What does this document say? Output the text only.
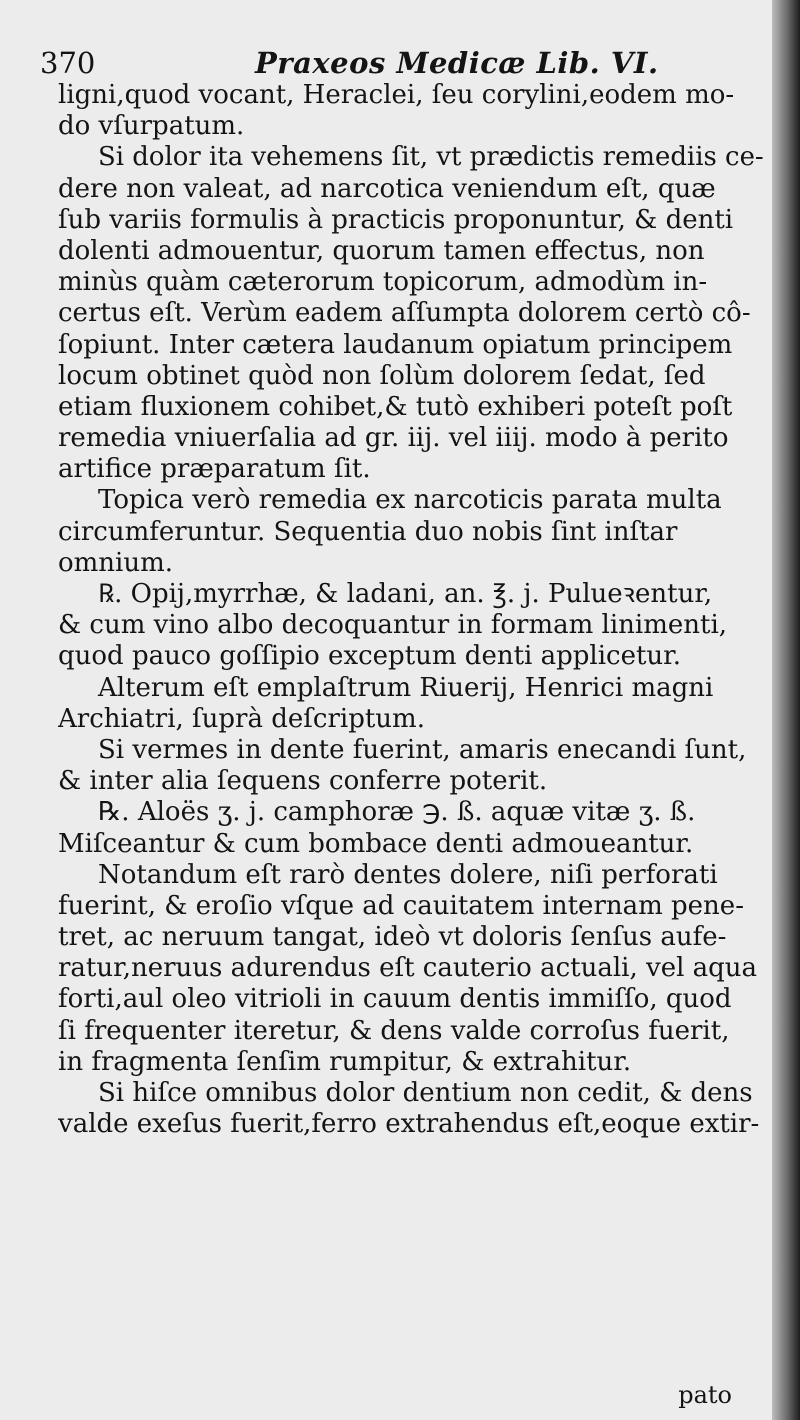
370	Praxeos Medicæ Lib. VI.
ligni,quod vocant, Heraclei, ſeu corylini,eodem mo-
do vſurpatum.
Si dolor ita vehemens ſit, vt prædictis remediis ce-
dere non valeat, ad narcotica veniendum eſt, quæ
ſub variis formulis à practicis proponuntur, & denti
dolenti admouentur, quorum tamen effectus, non
minùs quàm cæterorum topicorum, admodùm in-
certus eſt. Verùm eadem aſſumpta dolorem certò cô-
ſopiunt. Inter cætera laudanum opiatum principem
locum obtinet quòd non ſolùm dolorem ſedat, ſed
etiam fluxionem cohibet,& tutò exhiberi poteſt poſt
remedia vniuerſalia ad gr. iij. vel iiij. modo à perito
artifice præparatum ſit.
Topica verò remedia ex narcoticis parata multa
circumferuntur. Sequentia duo nobis ſint inſtar
omnium.
℞. Opij,myrrhæ, & ladani, an. ℥. j. Pulueꝛentur,
& cum vino albo decoquantur in formam linimenti,
quod pauco goſſipio exceptum denti applicetur.
Alterum eſt emplaſtrum Riuerij, Henrici magni
Archiatri, ſuprà deſcriptum.
Si vermes in dente fuerint, amaris enecandi ſunt,
& inter alia ſequens conferre poterit.
℞. Aloës ʒ. j. camphoræ ℈. ß. aquæ vitæ ʒ. ß.
Miſceantur & cum bombace denti admoueantur.
Notandum eſt rarò dentes dolere, niſi perforati
fuerint, & eroſio vſque ad cauitatem internam pene-
tret, ac neruum tangat, ideò vt doloris ſenſus aufe-
ratur,neruus adurendus eſt cauterio actuali, vel aqua
forti,aul oleo vitrioli in cauum dentis immiſſo, quod
ſi frequenter iteretur, & dens valde corroſus fuerit,
in fragmenta ſenſim rumpitur, & extrahitur.
Si hiſce omnibus dolor dentium non cedit, & dens
valde exeſus fuerit,ferro extrahendus eſt,eoque extir-
pato
